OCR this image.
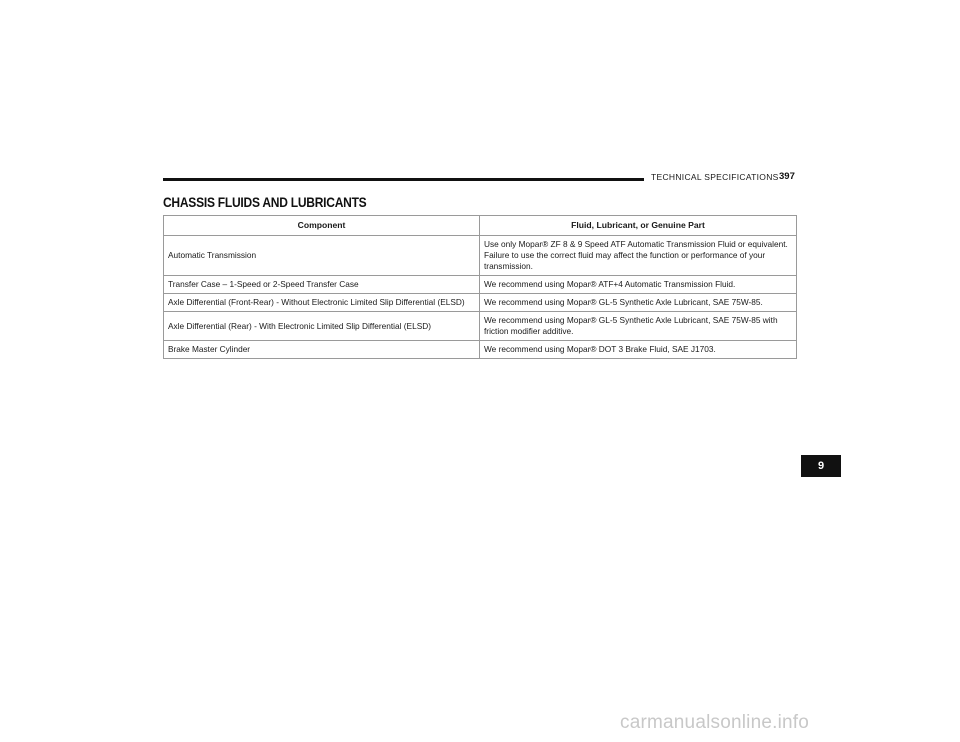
TECHNICAL SPECIFICATIONS 397
CHASSIS FLUIDS AND LUBRICANTS
Component	Fluid, Lubricant, or Genuine Part
Automatic Transmission	Use only Mopar® ZF 8 & 9 Speed ATF Automatic Transmission Fluid or equivalent. Failure to use the correct fluid may affect the function or performance of your transmission.
Transfer Case – 1-Speed or 2-Speed Transfer Case	We recommend using Mopar® ATF+4 Automatic Transmission Fluid.
Axle Differential (Front-Rear) - Without Electronic Limited Slip Differential (ELSD)	We recommend using Mopar® GL-5 Synthetic Axle Lubricant, SAE 75W-85.
Axle Differential (Rear) - With Electronic Limited Slip Differential (ELSD)	We recommend using Mopar® GL-5 Synthetic Axle Lubricant, SAE 75W-85 with friction modifier additive.
Brake Master Cylinder	We recommend using Mopar® DOT 3 Brake Fluid, SAE J1703.
9
carmanualsonline.info
